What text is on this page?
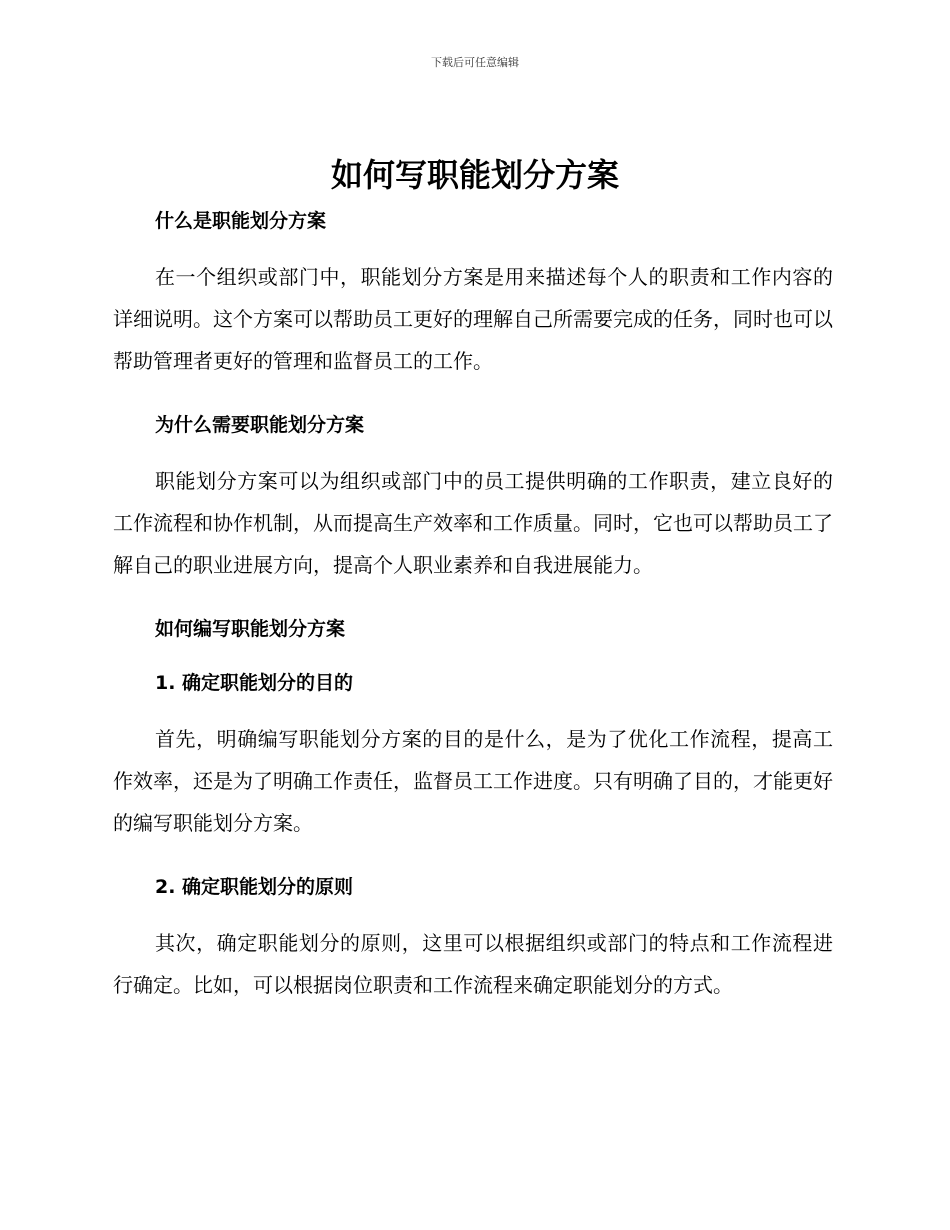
下载后可任意编辑
如何写职能划分方案
什么是职能划分方案

在一个组织或部门中，职能划分方案是用来描述每个人的职责和工作内容的详细说明。这个方案可以帮助员工更好的理解自己所需要完成的任务，同时也可以帮助管理者更好的管理和监督员工的工作。

为什么需要职能划分方案

职能划分方案可以为组织或部门中的员工提供明确的工作职责，建立良好的工作流程和协作机制，从而提高生产效率和工作质量。同时，它也可以帮助员工了解自己的职业进展方向，提高个人职业素养和自我进展能力。

如何编写职能划分方案
1. 确定职能划分的目的

首先，明确编写职能划分方案的目的是什么，是为了优化工作流程，提高工作效率，还是为了明确工作责任，监督员工工作进度。只有明确了目的，才能更好的编写职能划分方案。

2. 确定职能划分的原则

其次，确定职能划分的原则，这里可以根据组织或部门的特点和工作流程进行确定。比如，可以根据岗位职责和工作流程来确定职能划分的方式。
